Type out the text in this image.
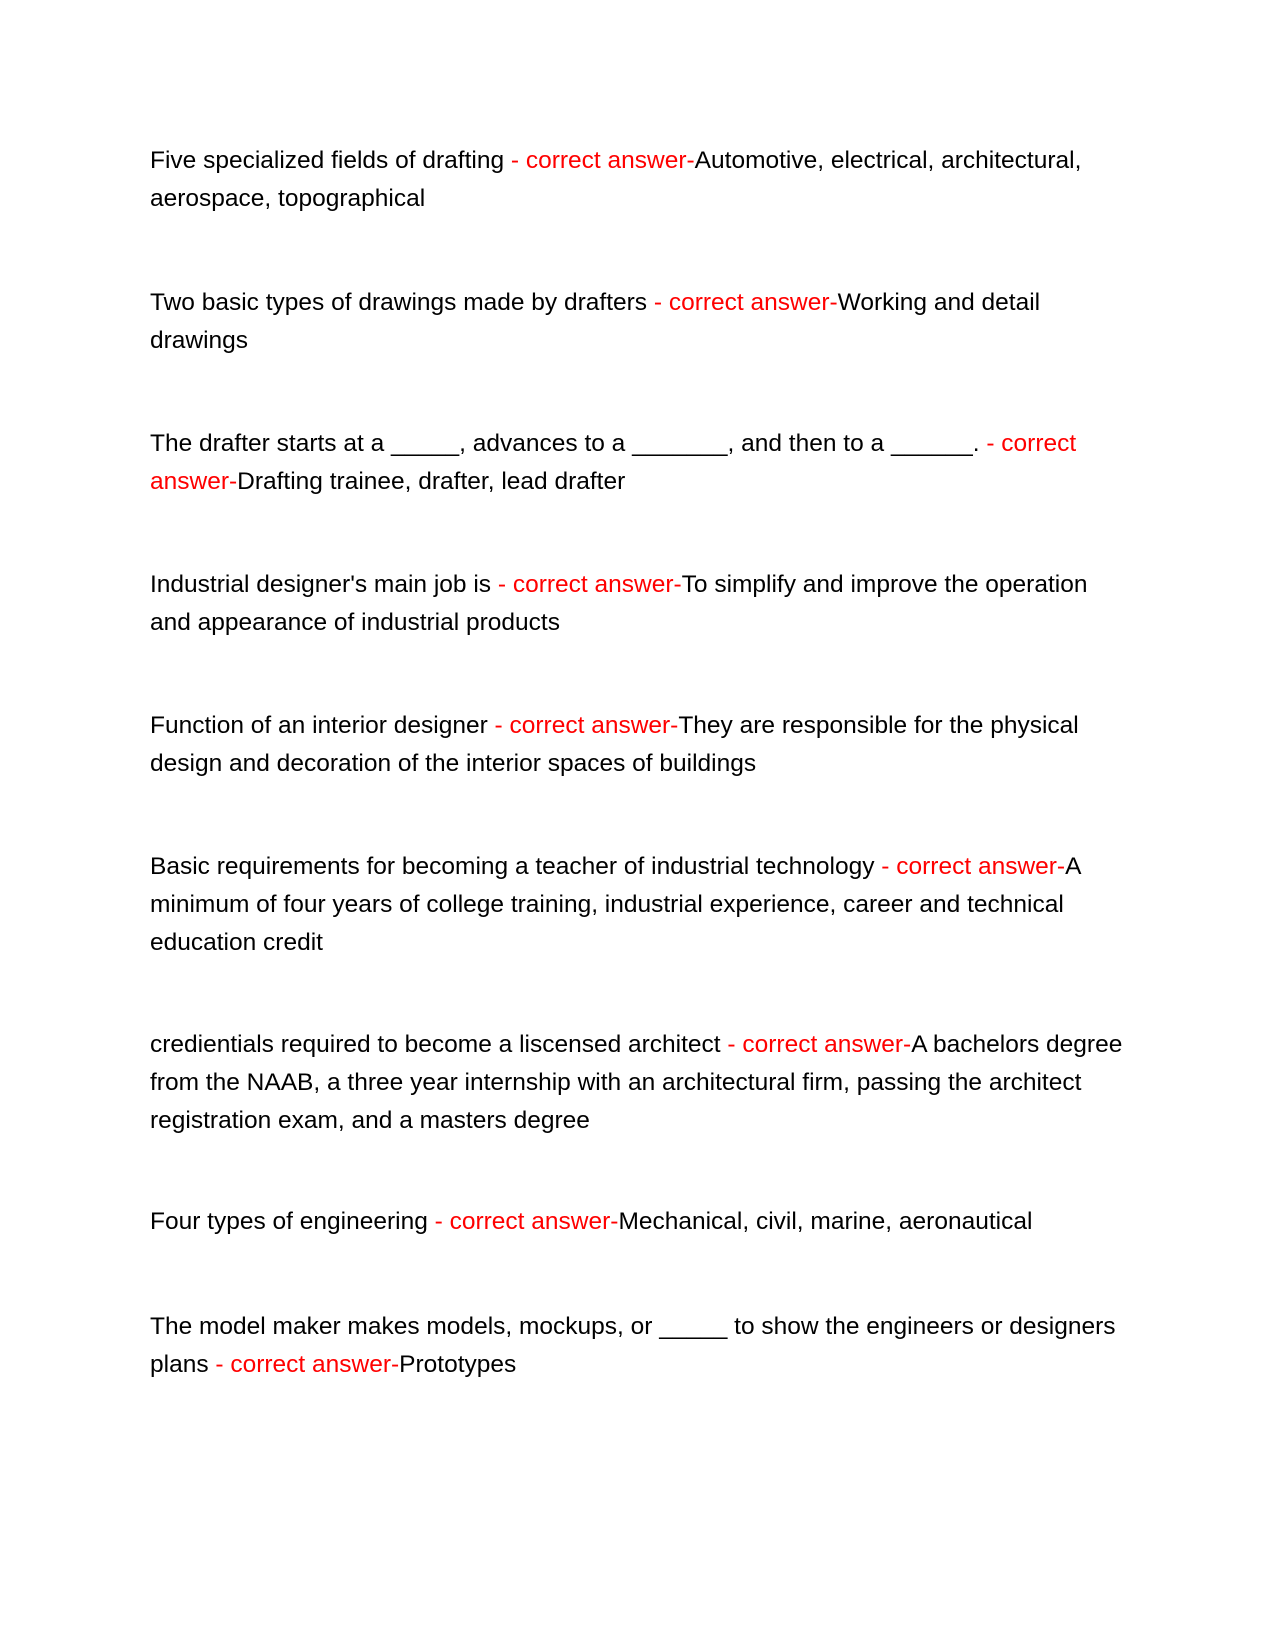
Five specialized fields of drafting - correct answer-Automotive, electrical, architectural, aerospace, topographical

Two basic types of drawings made by drafters - correct answer-Working and detail drawings

The drafter starts at a _____, advances to a _______, and then to a ______. - correct answer-Drafting trainee, drafter, lead drafter

Industrial designer's main job is - correct answer-To simplify and improve the operation and appearance of industrial products

Function of an interior designer - correct answer-They are responsible for the physical design and decoration of the interior spaces of buildings

Basic requirements for becoming a teacher of industrial technology - correct answer-A minimum of four years of college training, industrial experience, career and technical education credit

credientials required to become a liscensed architect - correct answer-A bachelors degree from the NAAB, a three year internship with an architectural firm, passing the architect registration exam, and a masters degree

Four types of engineering - correct answer-Mechanical, civil, marine, aeronautical

The model maker makes models, mockups, or _____ to show the engineers or designers plans - correct answer-Prototypes
